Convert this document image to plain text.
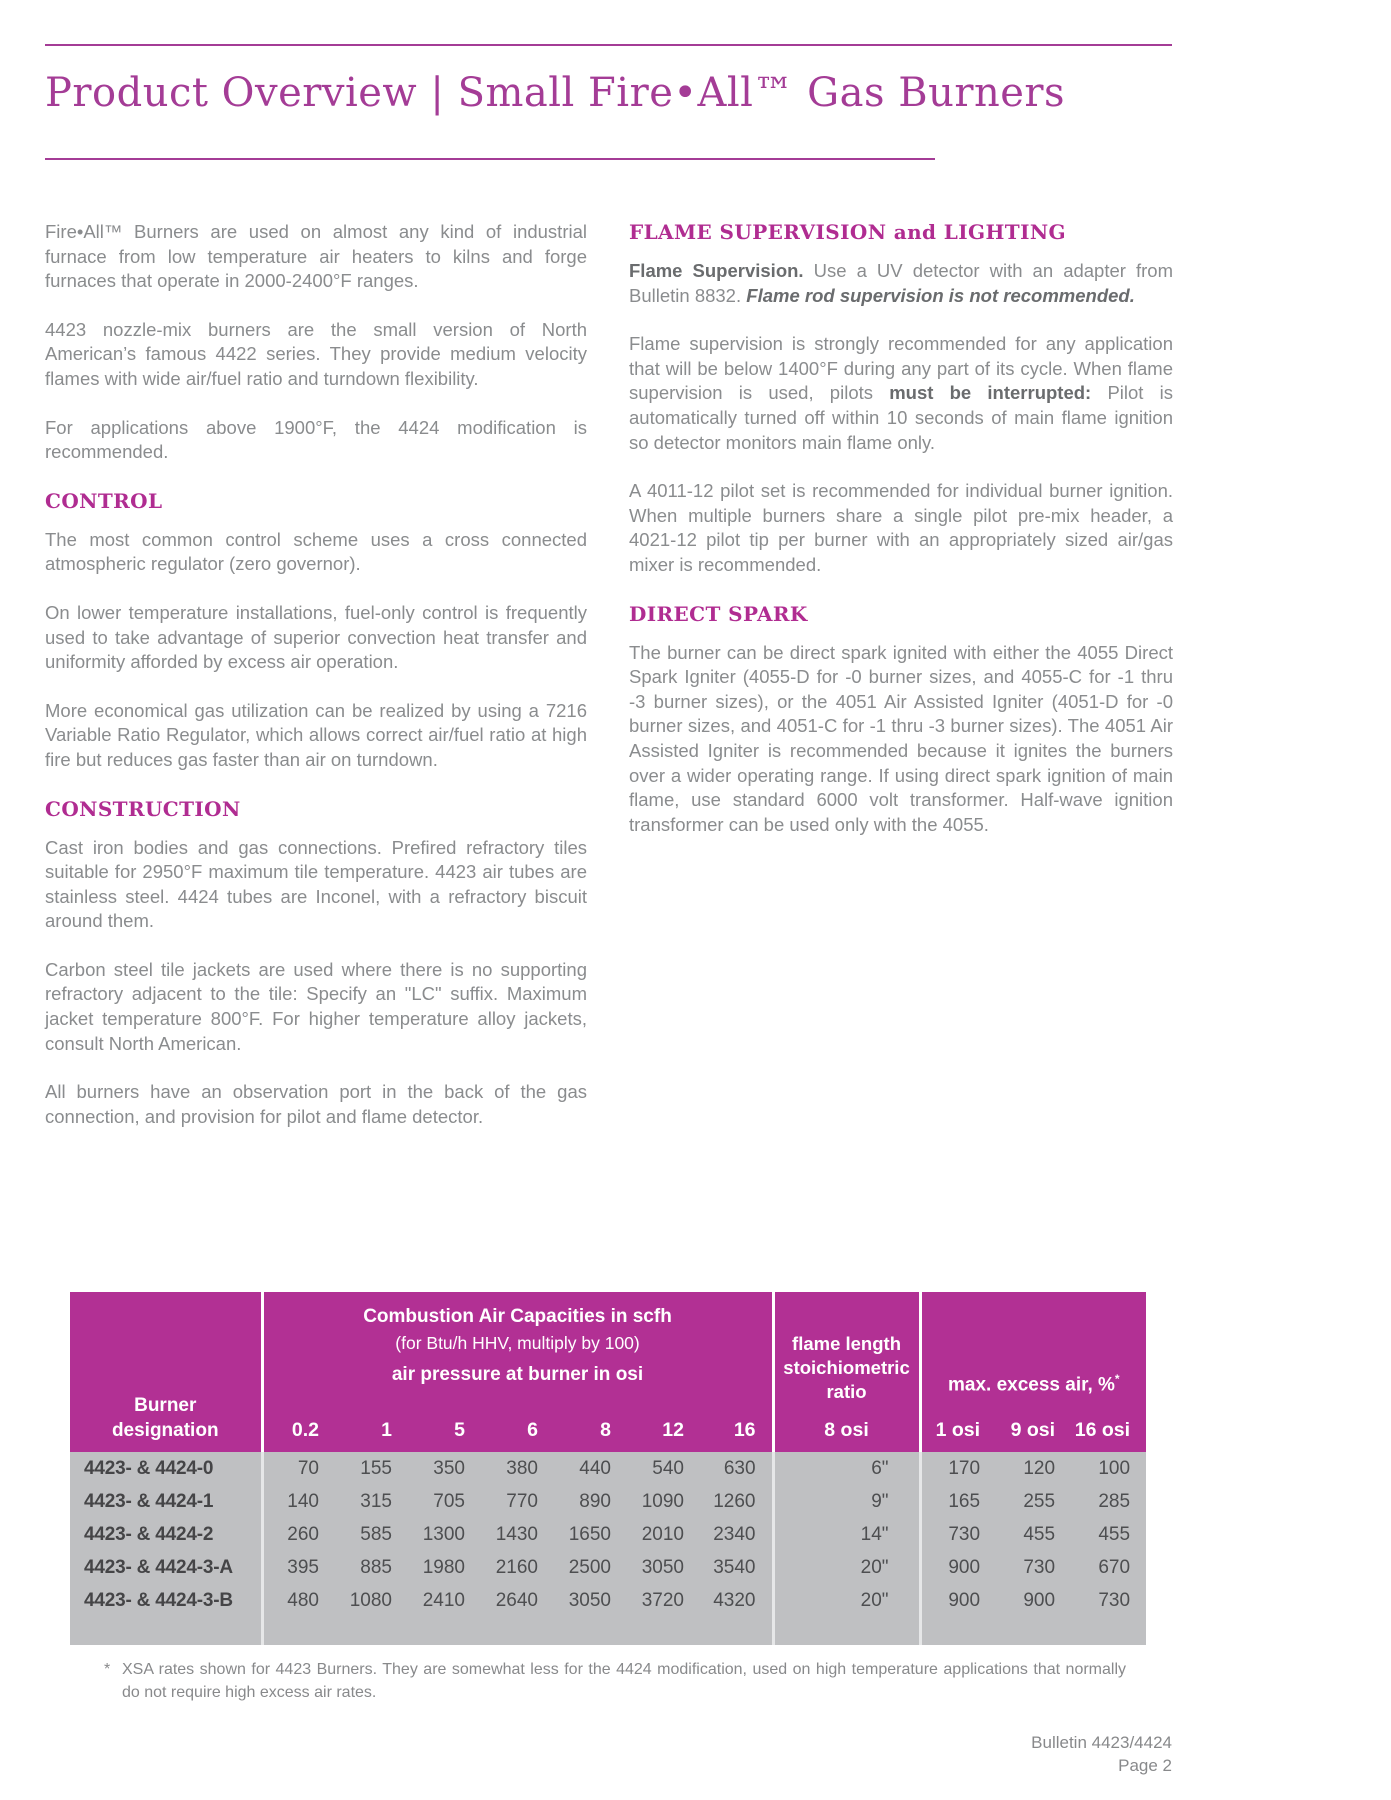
Product Overview | Small Fire•All™ Gas Burners

Fire•All™ Burners are used on almost any kind of industrial furnace from low temperature air heaters to kilns and forge furnaces that operate in 2000-2400°F ranges.

4423 nozzle-mix burners are the small version of North American’s famous 4422 series. They provide medium velocity flames with wide air/fuel ratio and turndown flexibility.

For applications above 1900°F, the 4424 modification is recommended.

CONTROL

The most common control scheme uses a cross connected atmospheric regulator (zero governor).

On lower temperature installations, fuel-only control is frequently used to take advantage of superior convection heat transfer and uniformity afforded by excess air operation.

More economical gas utilization can be realized by using a 7216 Variable Ratio Regulator, which allows correct air/fuel ratio at high fire but reduces gas faster than air on turndown.

CONSTRUCTION

Cast iron bodies and gas connections. Prefired refractory tiles suitable for 2950°F maximum tile temperature. 4423 air tubes are stainless steel. 4424 tubes are Inconel, with a refractory biscuit around them.

Carbon steel tile jackets are used where there is no supporting refractory adjacent to the tile: Specify an "LC" suffix. Maximum jacket temperature 800°F. For higher temperature alloy jackets, consult North American.

All burners have an observation port in the back of the gas connection, and provision for pilot and flame detector.

FLAME SUPERVISION and LIGHTING

Flame Supervision. Use a UV detector with an adapter from Bulletin 8832. Flame rod supervision is not recommended.

Flame supervision is strongly recommended for any application that will be below 1400°F during any part of its cycle. When flame supervision is used, pilots must be interrupted: Pilot is automatically turned off within 10 seconds of main flame ignition so detector monitors main flame only.

A 4011-12 pilot set is recommended for individual burner ignition. When multiple burners share a single pilot pre-mix header, a 4021-12 pilot tip per burner with an appropriately sized air/gas mixer is recommended.

DIRECT SPARK

The burner can be direct spark ignited with either the 4055 Direct Spark Igniter (4055-D for -0 burner sizes, and 4055-C for -1 thru -3 burner sizes), or the 4051 Air Assisted Igniter (4051-D for -0 burner sizes, and 4051-C for -1 thru -3 burner sizes). The 4051 Air Assisted Igniter is recommended because it ignites the burners over a wider operating range. If using direct spark ignition of main flame, use standard 6000 volt transformer. Half-wave ignition transformer can be used only with the 4055.

Burner
designation

Combustion Air Capacities in scfh
(for Btu/h HHV, multiply by 100)
air pressure at burner in osi
	flame length stoichiometric ratio	max. excess air, %*
	0.2	1	5	6	8	12	16	8 osi	1 osi	9 osi	16 osi
4423- & 4424-0	70	155	350	380	440	540	630	6"	170	120	100
4423- & 4424-1	140	315	705	770	890	1090	1260	9"	165	255	285
4423- & 4424-2	260	585	1300	1430	1650	2010	2340	14"	730	455	455
4423- & 4424-3-A	395	885	1980	2160	2500	3050	3540	20"	900	730	670
4423- & 4424-3-B	480	1080	2410	2640	3050	3720	4320	20"	900	900	730
* XSA rates shown for 4423 Burners. They are somewhat less for the 4424 modification, used on high temperature applications that normally do not require high excess air rates.
Bulletin 4423/4424
Page 2
